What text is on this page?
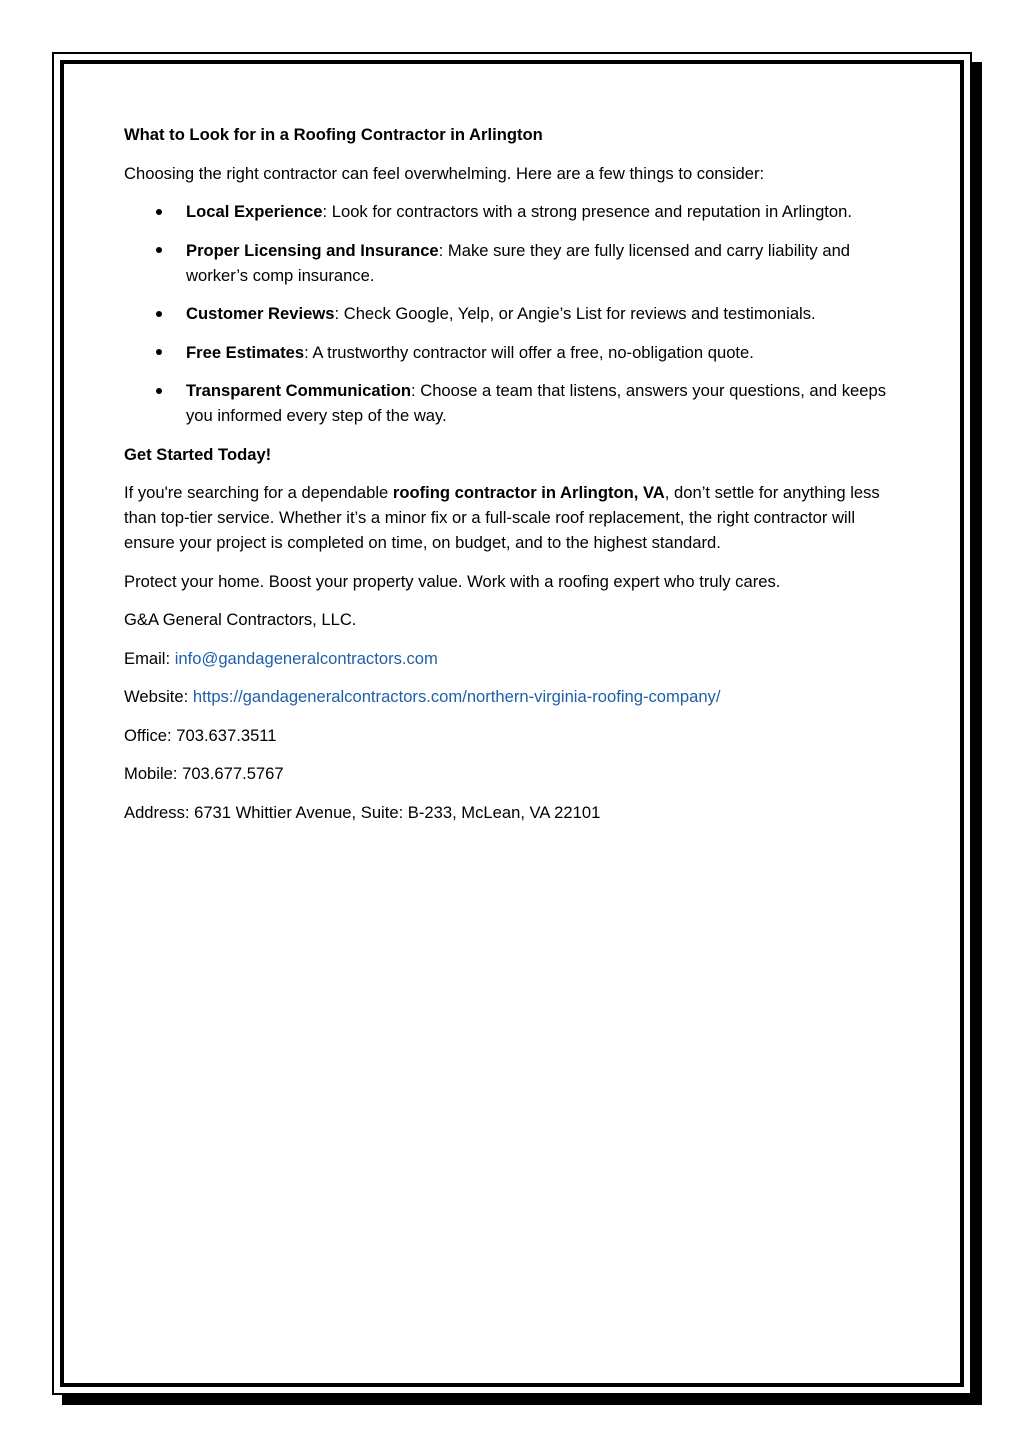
What to Look for in a Roofing Contractor in Arlington

Choosing the right contractor can feel overwhelming. Here are a few things to consider:

Local Experience: Look for contractors with a strong presence and reputation in Arlington.
Proper Licensing and Insurance: Make sure they are fully licensed and carry liability and worker’s comp insurance.
Customer Reviews: Check Google, Yelp, or Angie’s List for reviews and testimonials.
Free Estimates: A trustworthy contractor will offer a free, no-obligation quote.
Transparent Communication: Choose a team that listens, answers your questions, and keeps you informed every step of the way.

Get Started Today!

If you're searching for a dependable roofing contractor in Arlington, VA, don’t settle for anything less than top-tier service. Whether it’s a minor fix or a full-scale roof replacement, the right contractor will ensure your project is completed on time, on budget, and to the highest standard.

Protect your home. Boost your property value. Work with a roofing expert who truly cares.

G&A General Contractors, LLC.

Email: info@gandageneralcontractors.com

Website: https://gandageneralcontractors.com/northern-virginia-roofing-company/

Office: 703.637.3511

Mobile: 703.677.5767

Address: 6731 Whittier Avenue, Suite: B-233, McLean, VA 22101
